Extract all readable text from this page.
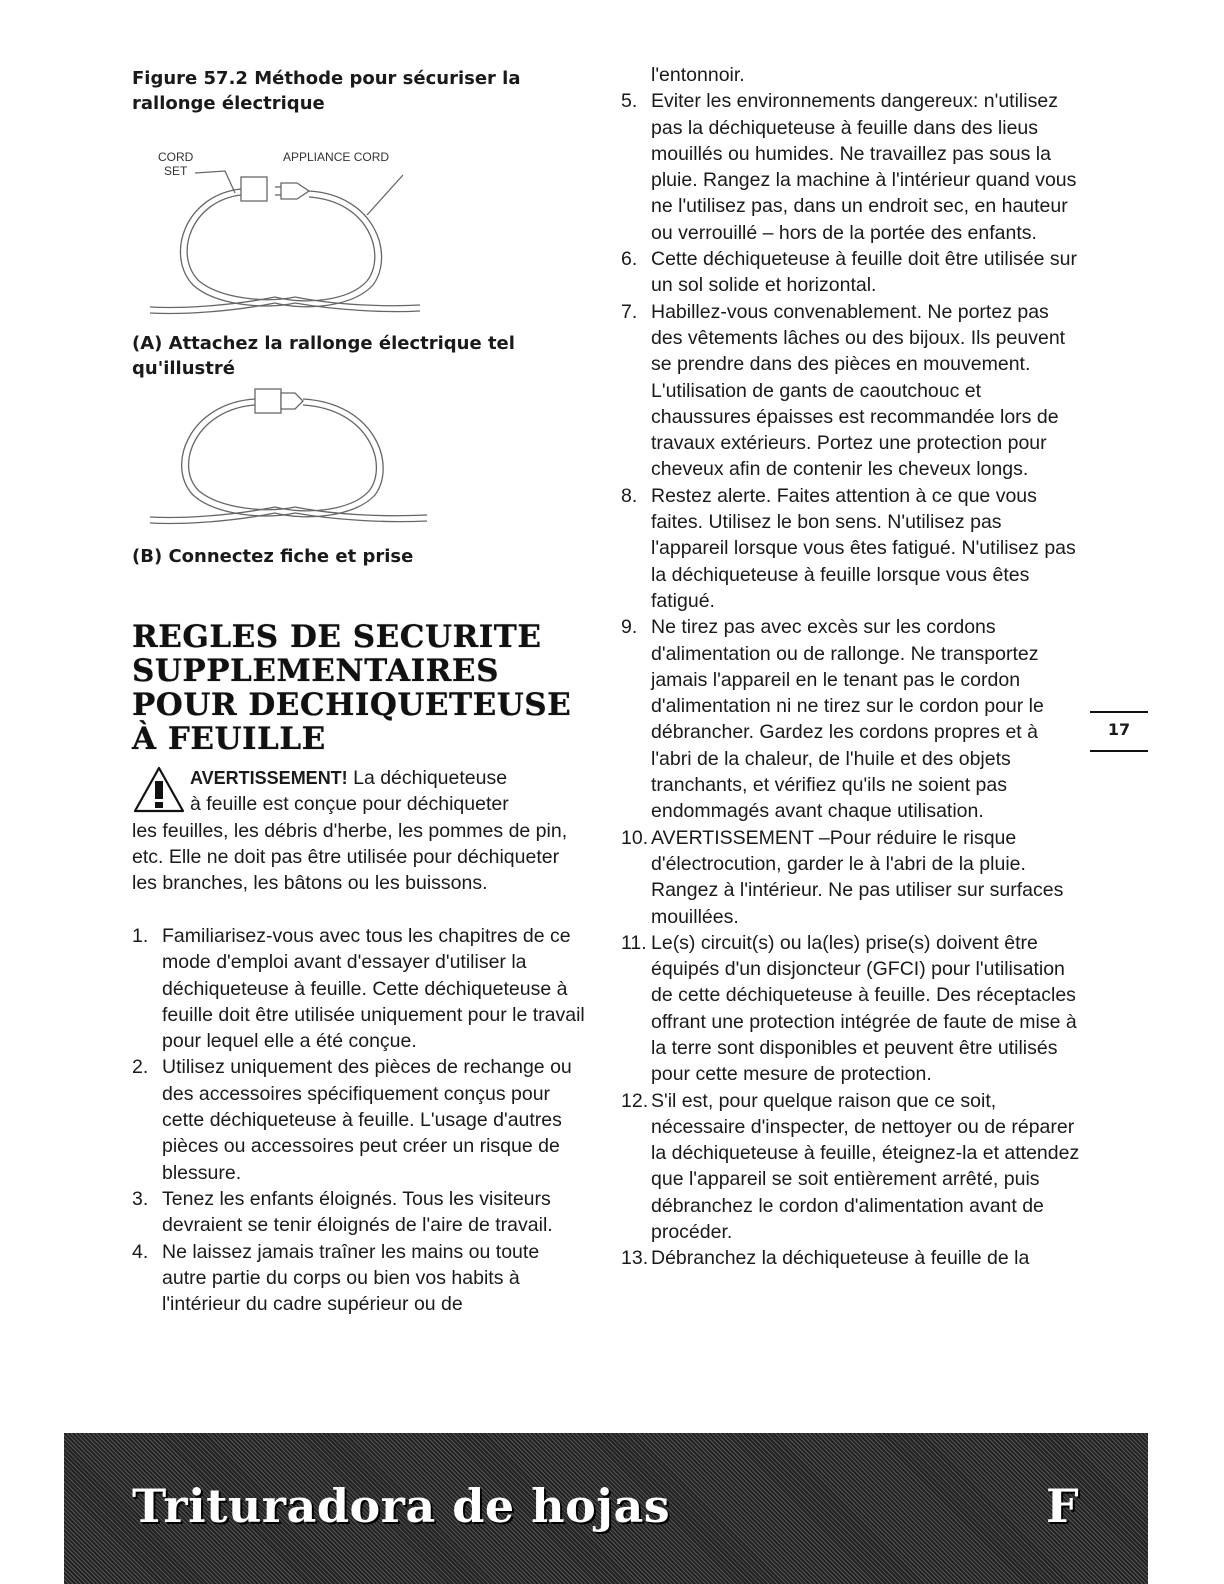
Figure 57.2 Méthode pour sécuriser la rallonge électrique
CORD
SET
APPLIANCE CORD
(A) Attachez la rallonge électrique tel qu'illustré
(B) Connectez fiche et prise
REGLES DE SECURITE SUPPLEMENTAIRES POUR DECHIQUETEUSE À FEUILLE
AVERTISSEMENT! La déchiqueteuse
à feuille est conçue pour déchiqueter
les feuilles, les débris d'herbe, les pommes de pin, etc. Elle ne doit pas être utilisée pour déchiqueter les branches, les bâtons ou les buissons.
1. Familiarisez-vous avec tous les chapitres de ce mode d'emploi avant d'essayer d'utiliser la déchiqueteuse à feuille. Cette déchiqueteuse à feuille doit être utilisée uniquement pour le travail pour lequel elle a été conçue.
2. Utilisez uniquement des pièces de rechange ou des accessoires spécifiquement conçus pour cette déchiqueteuse à feuille. L'usage d'autres pièces ou accessoires peut créer un risque de blessure.
3. Tenez les enfants éloignés. Tous les visiteurs devraient se tenir éloignés de l'aire de travail.
4. Ne laissez jamais traîner les mains ou toute autre partie du corps ou bien vos habits à l'intérieur du cadre supérieur ou de
l'entonnoir.
5. Eviter les environnements dangereux: n'utilisez pas la déchiqueteuse à feuille dans des lieus mouillés ou humides. Ne travaillez pas sous la pluie. Rangez la machine à l'intérieur quand vous ne l'utilisez pas, dans un endroit sec, en hauteur ou verrouillé – hors de la portée des enfants.
6. Cette déchiqueteuse à feuille doit être utilisée sur un sol solide et horizontal.
7. Habillez-vous convenablement. Ne portez pas des vêtements lâches ou des bijoux. Ils peuvent se prendre dans des pièces en mouvement. L'utilisation de gants de caoutchouc et chaussures épaisses est recommandée lors de travaux extérieurs. Portez une protection pour cheveux afin de contenir les cheveux longs.
8. Restez alerte. Faites attention à ce que vous faites. Utilisez le bon sens. N'utilisez pas l'appareil lorsque vous êtes fatigué. N'utilisez pas la déchiqueteuse à feuille lorsque vous êtes fatigué.
9. Ne tirez pas avec excès sur les cordons d'alimentation ou de rallonge. Ne transportez jamais l'appareil en le tenant pas le cordon d'alimentation ni ne tirez sur le cordon pour le débrancher. Gardez les cordons propres et à l'abri de la chaleur, de l'huile et des objets tranchants, et vérifiez qu'ils ne soient pas endommagés avant chaque utilisation.
10. AVERTISSEMENT –Pour réduire le risque d'électrocution, garder le à l'abri de la pluie. Rangez à l'intérieur. Ne pas utiliser sur surfaces mouillées.
11. Le(s) circuit(s) ou la(les) prise(s) doivent être équipés d'un disjoncteur (GFCI) pour l'utilisation de cette déchiqueteuse à feuille. Des réceptacles offrant une protection intégrée de faute de mise à la terre sont disponibles et peuvent être utilisés pour cette mesure de protection.
12. S'il est, pour quelque raison que ce soit, nécessaire d'inspecter, de nettoyer ou de réparer la déchiqueteuse à feuille, éteignez-la et attendez que l'appareil se soit entièrement arrêté, puis débranchez le cordon d'alimentation avant de procéder.
13. Débranchez la déchiqueteuse à feuille de la
17
Trituradora de hojas	F
